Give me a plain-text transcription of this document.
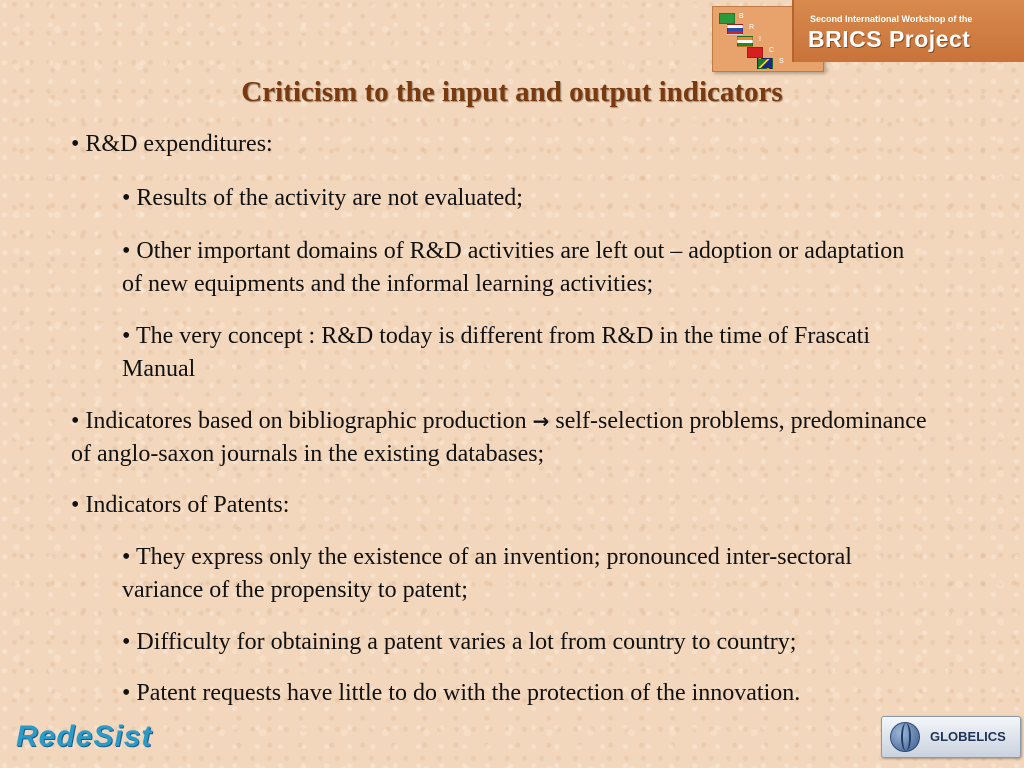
B
R
I
C
S
Second International Workshop of the
BRICS Project
Criticism to the input and output indicators

• R&D expenditures:

• Results of the activity are not evaluated;

• Other important domains of R&D activities are left out – adoption or adaptation of new equipments and the informal learning activities;

• The very concept : R&D today is different from R&D in the time of Frascati Manual

• Indicatores based on bibliographic production → self-selection problems, predominance of anglo-saxon journals in the existing databases;

• Indicators of Patents:

• They express only the existence of an invention; pronounced inter-sectoral variance of the propensity to patent;

• Difficulty for obtaining a patent varies a lot from country to country;

• Patent requests have little to do with the protection of the innovation.

RedeSist	GLOBELICS
